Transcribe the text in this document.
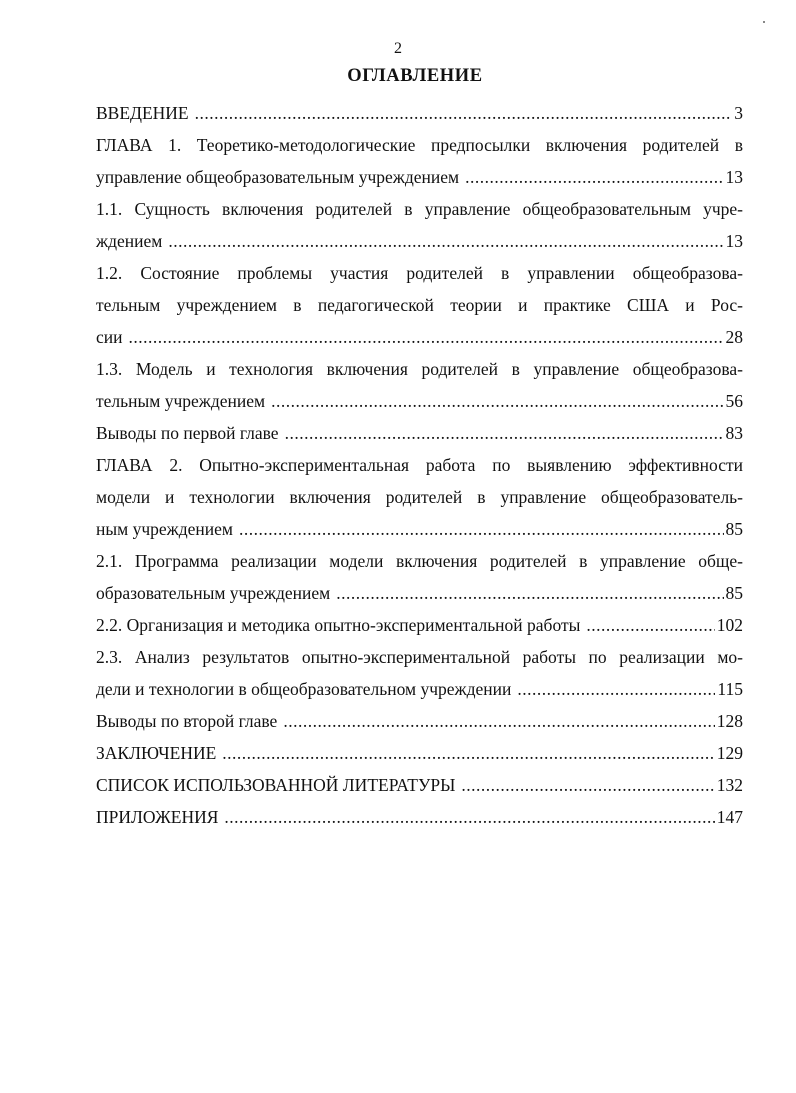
2
ОГЛАВЛЕНИЕ
ВВЕДЕНИЕ .....	3
ГЛАВА 1. Теоретико-методологические предпосылки включения родителей в
управление общеобразовательным учреждением .....	13
1.1. Сущность включения родителей в управление общеобразовательным учре-
ждением .....	13
1.2. Состояние проблемы участия родителей в управлении общеобразова-
тельным учреждением в педагогической теории и практике США и Рос-
сии .....	28
1.3. Модель и технология включения родителей в управление общеобразова-
тельным учреждением .....	56
Выводы по первой главе .....	83
ГЛАВА 2. Опытно-экспериментальная работа по выявлению эффективности
модели и технологии включения родителей в управление общеобразователь-
ным учреждением .....	85
2.1. Программа реализации модели включения родителей в управление обще-
образовательным учреждением .....	85
2.2. Организация и методика опытно-экспериментальной работы .....	102
2.3. Анализ результатов опытно-экспериментальной работы по реализации мо-
дели и технологии в общеобразовательном учреждении .....	115
Выводы по второй главе .....	128
ЗАКЛЮЧЕНИЕ .....	129
СПИСОК ИСПОЛЬЗОВАННОЙ ЛИТЕРАТУРЫ .....	132
ПРИЛОЖЕНИЯ .....	147
